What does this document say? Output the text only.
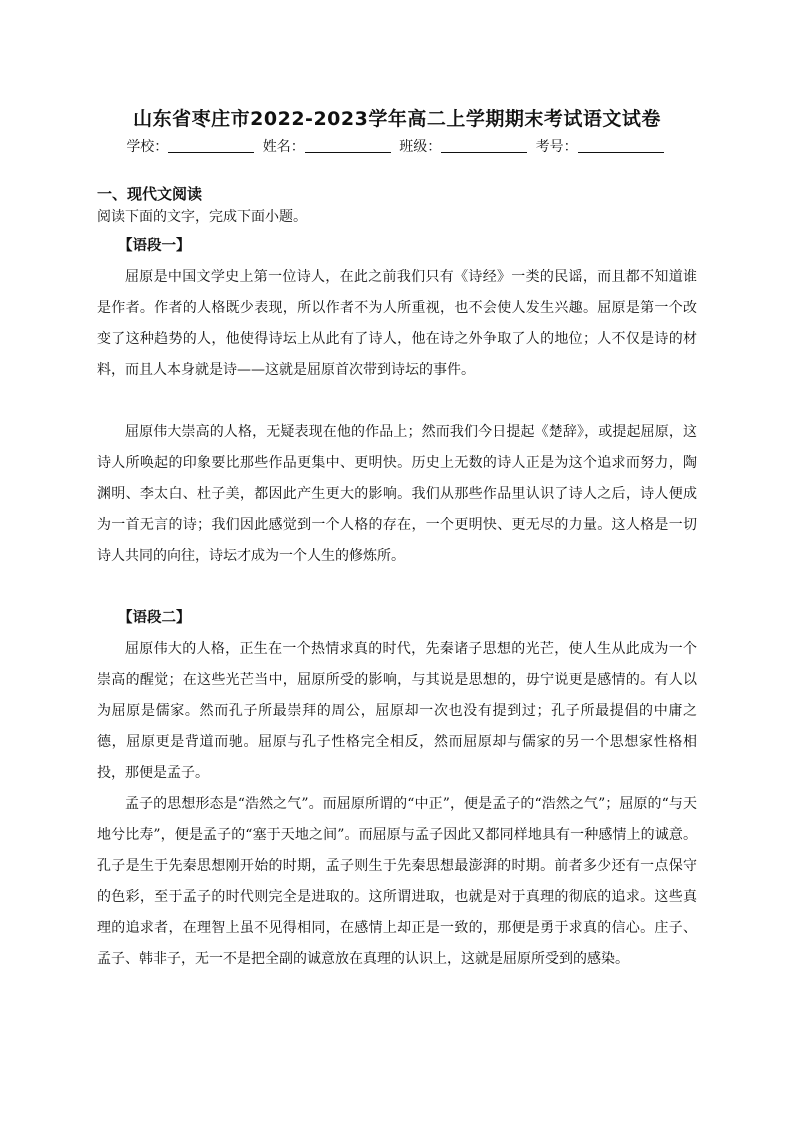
山东省枣庄市2022-2023学年高二上学期期末考试语文试卷
学校：	姓名：	班级：	考号：
一、现代文阅读
阅读下面的文字，完成下面小题。
【语段一】

屈原是中国文学史上第一位诗人，在此之前我们只有《诗经》一类的民谣，而且都不知道谁是作者。作者的人格既少表现，所以作者不为人所重视，也不会使人发生兴趣。屈原是第一个改变了这种趋势的人，他使得诗坛上从此有了诗人，他在诗之外争取了人的地位；人不仅是诗的材料，而且人本身就是诗——这就是屈原首次带到诗坛的事件。

屈原伟大崇高的人格，无疑表现在他的作品上；然而我们今日提起《楚辞》，或提起屈原，这诗人所唤起的印象要比那些作品更集中、更明快。历史上无数的诗人正是为这个追求而努力，陶渊明、李太白、杜子美，都因此产生更大的影响。我们从那些作品里认识了诗人之后，诗人便成为一首无言的诗；我们因此感觉到一个人格的存在，一个更明快、更无尽的力量。这人格是一切诗人共同的向往，诗坛才成为一个人生的修炼所。

【语段二】

屈原伟大的人格，正生在一个热情求真的时代，先秦诸子思想的光芒，使人生从此成为一个崇高的醒觉；在这些光芒当中，屈原所受的影响，与其说是思想的，毋宁说更是感情的。有人以为屈原是儒家。然而孔子所最崇拜的周公，屈原却一次也没有提到过；孔子所最提倡的中庸之德，屈原更是背道而驰。屈原与孔子性格完全相反，然而屈原却与儒家的另一个思想家性格相投，那便是孟子。

孟子的思想形态是“浩然之气”。而屈原所谓的“中正”，便是孟子的“浩然之气”；屈原的“与天地兮比寿”，便是孟子的“塞于天地之间”。而屈原与孟子因此又都同样地具有一种感情上的诚意。孔子是生于先秦思想刚开始的时期，孟子则生于先秦思想最澎湃的时期。前者多少还有一点保守的色彩，至于孟子的时代则完全是进取的。这所谓进取，也就是对于真理的彻底的追求。这些真理的追求者，在理智上虽不见得相同，在感情上却正是一致的，那便是勇于求真的信心。庄子、孟子、韩非子，无一不是把全副的诚意放在真理的认识上，这就是屈原所受到的感染。
